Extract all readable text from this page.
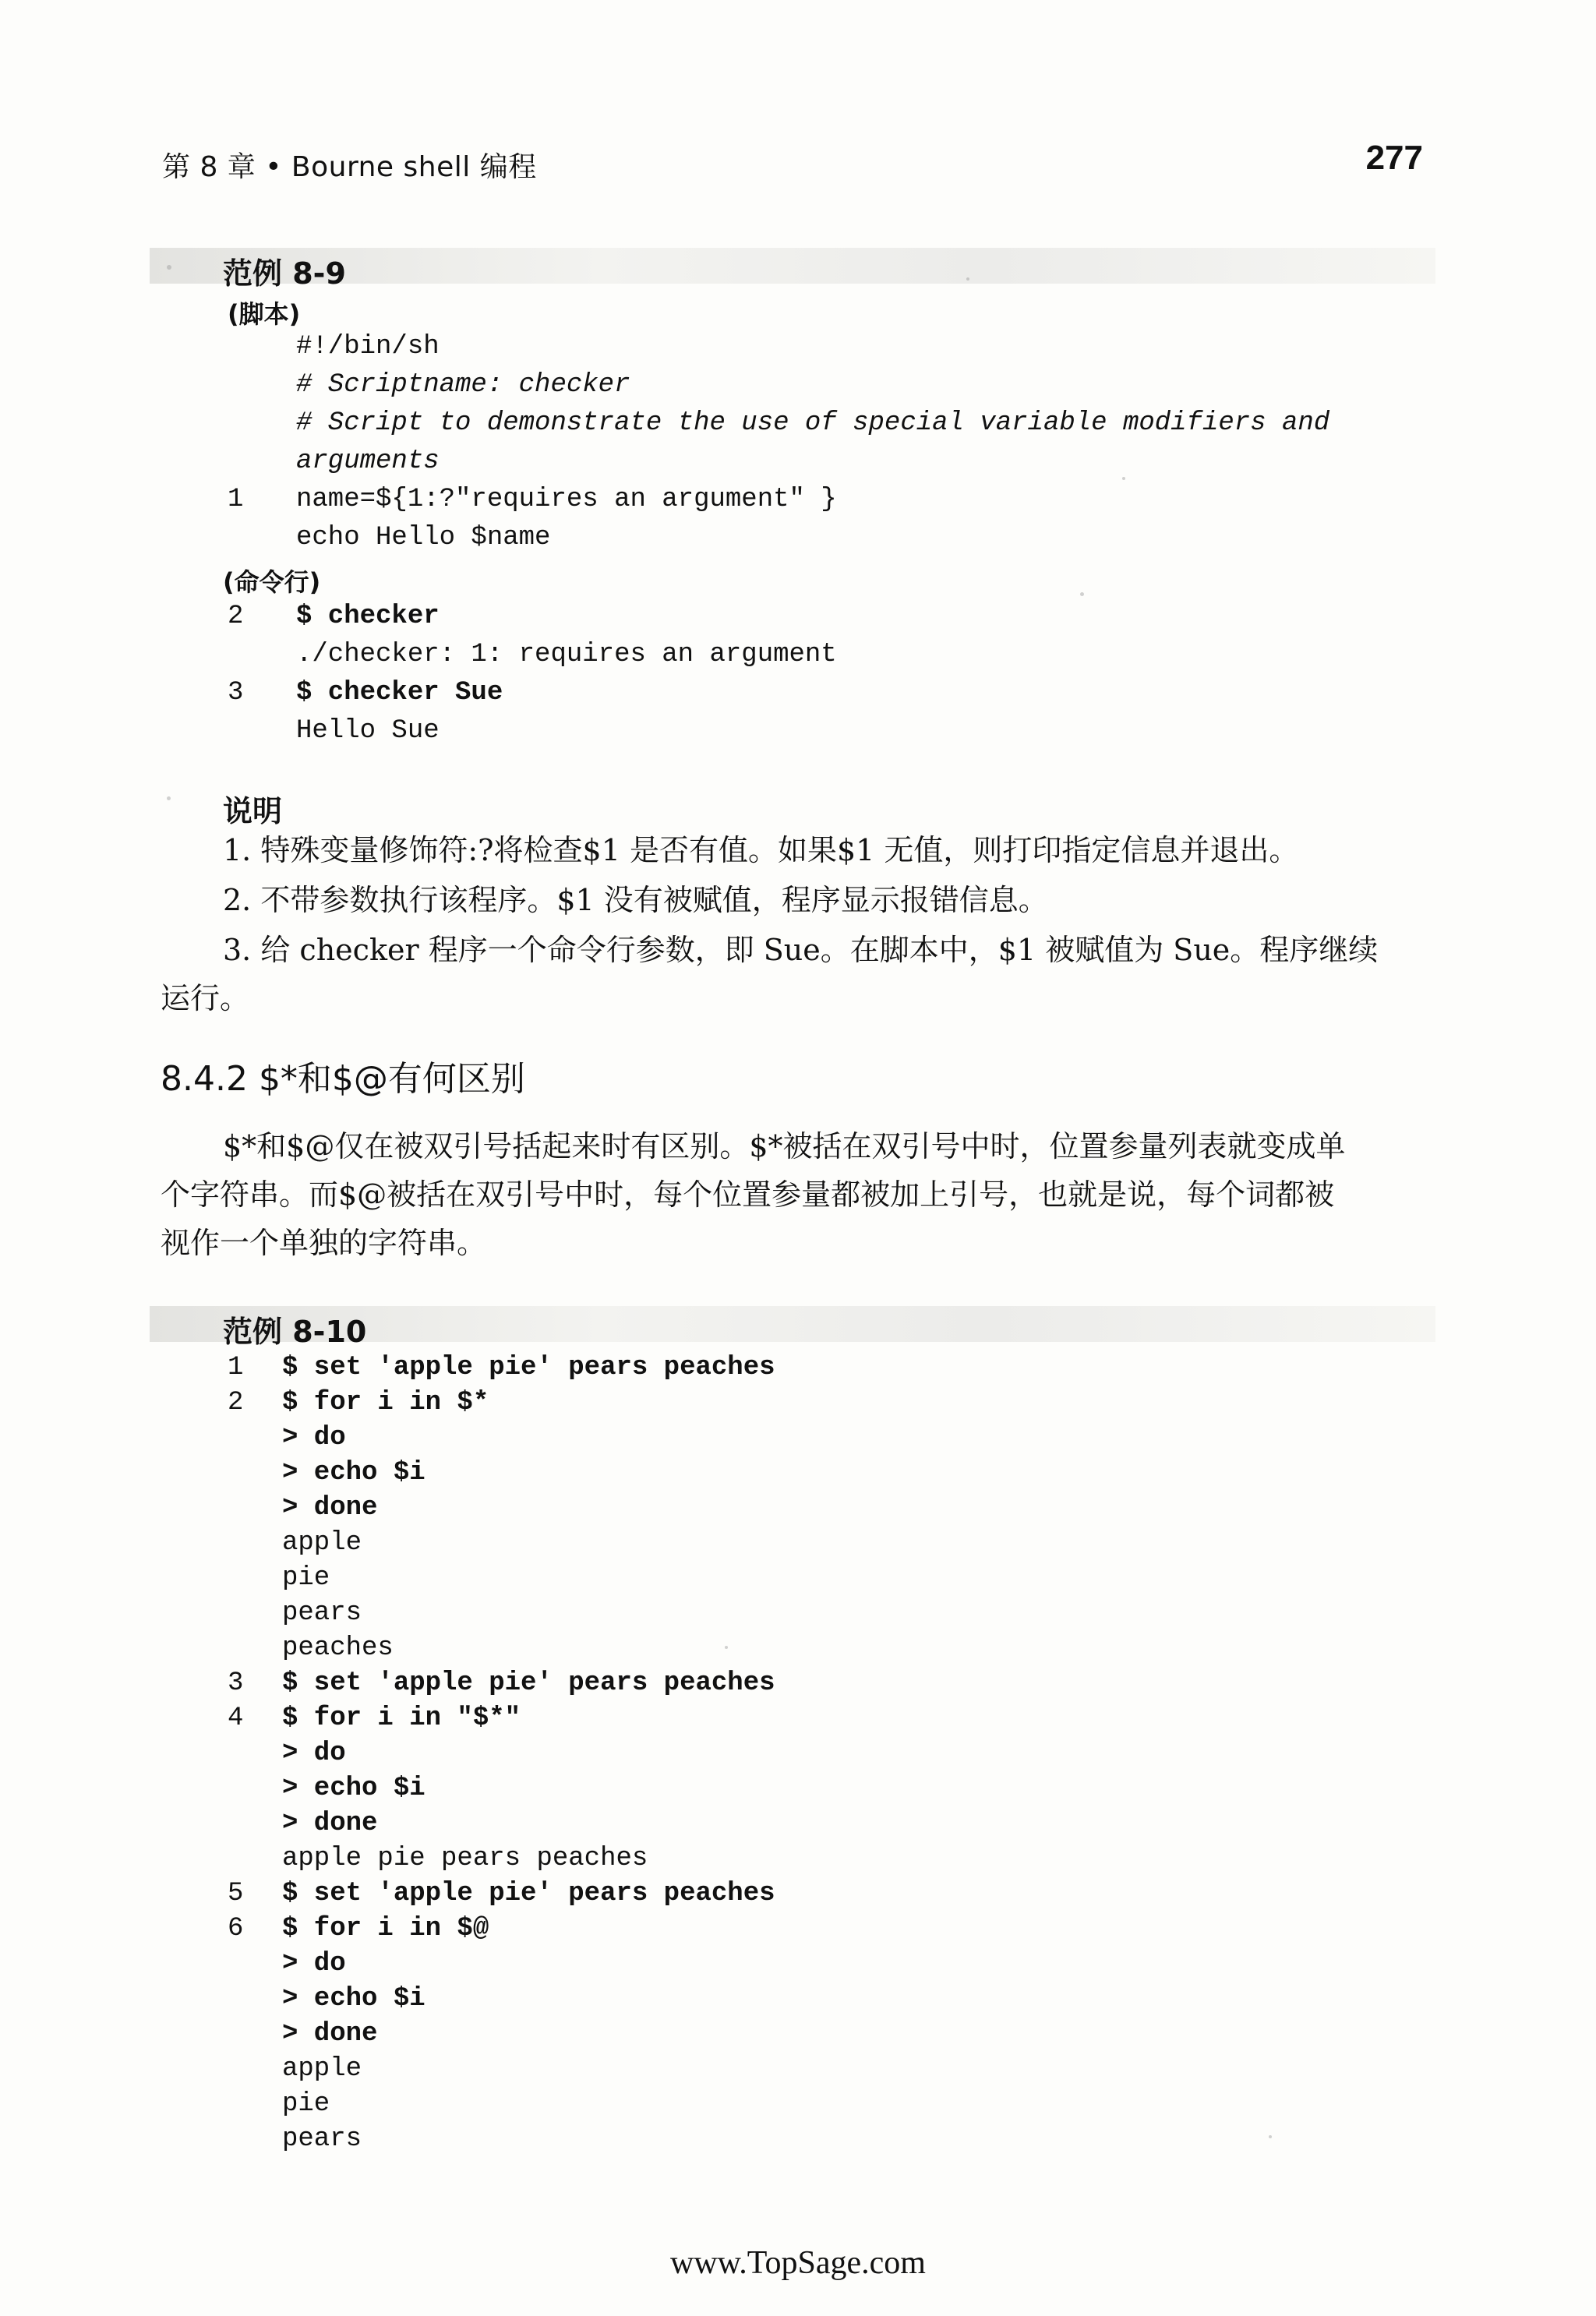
第 8 章 • Bourne shell 编程	277
范例 8-9
(脚本)
#!/bin/sh
# Scriptname: checker
# Script to demonstrate the use of special variable modifiers and
arguments
1 name=${1:?"requires an argument" }
echo Hello $name
(命令行)
2 $ checker
./checker: 1: requires an argument
3 $ checker Sue
Hello Sue
说明
1. 特殊变量修饰符:?将检查$1 是否有值。如果$1 无值，则打印指定信息并退出。
2. 不带参数执行该程序。$1 没有被赋值，程序显示报错信息。
3. 给 checker 程序一个命令行参数，即 Sue。在脚本中，$1 被赋值为 Sue。程序继续
运行。
8.4.2 $*和$@有何区别
$*和$@仅在被双引号括起来时有区别。$*被括在双引号中时，位置参量列表就变成单
个字符串。而$@被括在双引号中时，每个位置参量都被加上引号，也就是说，每个词都被
视作一个单独的字符串。
范例 8-10
1 $ set 'apple pie' pears peaches
2 $ for i in $*
> do
> echo $i
> done
apple
pie
pears
peaches
3 $ set 'apple pie' pears peaches
4 $ for i in "$*"
> do
> echo $i
> done
apple pie pears peaches
5 $ set 'apple pie' pears peaches
6 $ for i in $@
> do
> echo $i
> done
apple
pie
pears
www.TopSage.com
